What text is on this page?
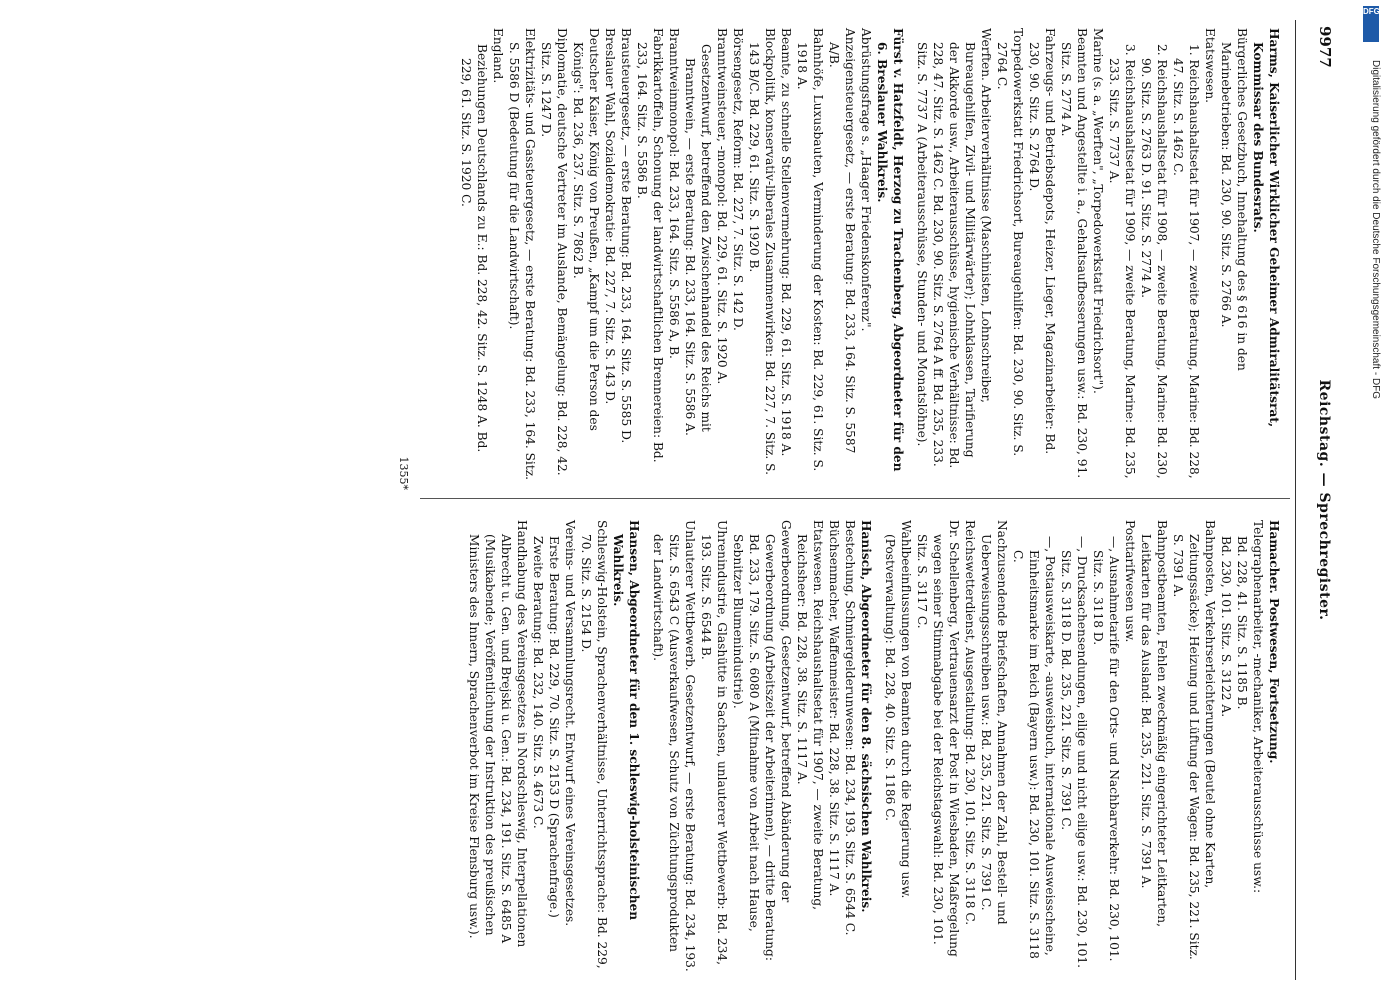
9977
Reichstag. — Sprechregister.

Hamacher. Postwesen, Fortsetzung.

Telegraphenarbeiter, -mechaniker, Arbeiterausschüsse usw.:

Bd. 228, 41. Sitz. S. 1185 B.

Bd. 230, 101. Sitz. S. 3122 A.

Bahnposten, Verkehrserleichterungen (Beutel ohne Karten, Zeitungssäcke); Heizung und Lüftung der Wagen: Bd. 235, 221. Sitz. S. 7391 A.

Bahnpostbeamten, Fehlen zweckmäßig eingerichteter Leitkarten, Leitkarten für das Ausland: Bd. 235, 221. Sitz. S. 7391 A.

Posttarifwesen usw.

—, Ausnahmetarife für den Orts- und Nachbarverkehr: Bd. 230, 101. Sitz. S. 3118 D.

—, Drucksachensendungen, eilige und nicht eilige usw.: Bd. 230, 101. Sitz. S. 3118 D. Bd. 235, 221. Sitz. S. 7391 C.

—, Postausweiskarte, -ausweisbuch, internationale Ausweisscheine, Einheitsmarke im Reich (Bayern usw.): Bd. 230, 101. Sitz. S. 3118 C.

Nachzusendende Briefschaften, Annahmen der Zahl, Bestell- und Ueberweisungsschreiben usw.: Bd. 235, 221. Sitz. S. 7391 C.

Reichswetterdienst, Ausgestaltung: Bd. 230, 101. Sitz. S. 3118 C.

Dr. Schellenberg, Vertrauensarzt der Post in Wiesbaden, Maßregelung wegen seiner Stimmabgabe bei der Reichstagswahl: Bd. 230, 101. Sitz. S. 3117 C.

Wahlbeeinflussungen von Beamten durch die Regierung usw. (Postverwaltung): Bd. 228, 40. Sitz. S. 1186 C.

Hanisch, Abgeordneter für den 8. sächsischen Wahlkreis.

Bestechung, Schmiergelderunwesen: Bd. 234, 193. Sitz. S. 6544 C.

Büchsenmacher, Waffenmeister: Bd. 228, 38. Sitz. S. 1117 A.

Etatswesen. Reichshaushaltsetat für 1907, — zweite Beratung, Reichsheer: Bd. 228, 38. Sitz. S. 1117 A.

Gewerbeordnung, Gesetzentwurf, betreffend Abänderung der Gewerbeordnung (Arbeitszeit der Arbeiterinnen), — dritte Beratung: Bd. 233, 179. Sitz. S. 6080 A (Mitnahme von Arbeit nach Hause, Sebnitzer Blumenindustrie).

Uhrenindustrie, Glashütte in Sachsen, unlauterer Wettbewerb: Bd. 234, 193. Sitz. S. 6544 B.

Unlauterer Wettbewerb. Gesetzentwurf, — erste Beratung: Bd. 234, 193. Sitz. S. 6543 C (Ausverkaufwesen, Schutz von Züchtungsprodukten der Landwirtschaft).

Hansen, Abgeordneter für den 1. schleswig-holsteinischen Wahlkreis.

Schleswig-Holstein, Sprachenverhältnisse, Unterrichtssprache: Bd. 229, 70. Sitz. S. 2154 D.

Vereins- und Versammlungsrecht. Entwurf eines Vereinsgesetzes.

Erste Beratung: Bd. 229, 70. Sitz. S. 2153 D (Sprachenfrage.)

Zweite Beratung: Bd. 232, 140. Sitz. S. 4673 C.

Handhabung des Vereinsgesetzes in Nordschleswig, Interpellationen Albrecht u. Gen. und Brejski u. Gen.: Bd. 234, 191. Sitz. S. 6485 A (Musikabende; Veröffentlichung der Instruktion des preußischen Ministers des Innern, Sprachenverbot im Kreise Flensburg usw.).

Harms, Kaiserlicher Wirklicher Geheimer Admiralitätsrat, Kommissar des Bundesrats.

Bürgerliches Gesetzbuch, Innehaltung des § 616 in den Marinebetrieben: Bd. 230, 90. Sitz. S. 2766 A.

Etatswesen.

1. Reichshaushaltsetat für 1907, — zweite Beratung, Marine: Bd. 228, 47. Sitz. S. 1462 C.

2. Reichshaushaltsetat für 1908, — zweite Beratung, Marine: Bd. 230, 90. Sitz. S. 2763 D. 91. Sitz. S. 2774 A.

3. Reichshaushaltsetat für 1909, — zweite Beratung, Marine: Bd. 235, 233. Sitz. S. 7737 A.

Marine (s. a. „Werften", „Torpedowerkstatt Friedrichsort").

Beamten und Angestellte i. a., Gehaltsaufbesserungen usw.: Bd. 230, 91. Sitz. S. 2774 A.

Fahrzeugs- und Betriebsdepots, Heizer, Lieger, Magazinarbeiter: Bd. 230, 90. Sitz. S. 2764 D.

Torpedowerkstatt Friedrichsort, Bureaugehilfen: Bd. 230, 90. Sitz. S. 2764 C.

Werften. Arbeiterverhältnisse (Maschinisten, Lohnschreiber, Bureaugehilfen, Zivil- und Militärwärter); Lohnklassen, Tarifierung der Akkorde usw., Arbeiterausschüsse, hygienische Verhältnisse: Bd. 228, 47. Sitz. S. 1462 C. Bd. 230, 90. Sitz. S. 2764 A ff. Bd. 235, 233. Sitz. S. 7737 A (Arbeiterausschüsse, Stunden- und Monatslöhne).

Fürst v. Hatzfeldt, Herzog zu Trachenberg, Abgeordneter für den 6. Breslauer Wahlkreis.

Abrüstungsfrage s. „Haager Friedenskonferenz".

Anzeigensteuergesetz, — erste Beratung: Bd. 233, 164. Sitz. S. 5587 A/B.

Bahnhöfe, Luxusbauten, Verminderung der Kosten: Bd. 229, 61. Sitz. S. 1918 A.

Beamte, zu schnelle Stellenvermehrung: Bd. 229, 61. Sitz. S. 1918 A.

Blockpolitik, konservativ-liberales Zusammenwirken: Bd. 227, 7. Sitz. S. 143 B/C. Bd. 229, 61. Sitz. S. 1920 B.

Börsengesetz, Reform: Bd. 227, 7. Sitz. S. 142 D.

Branntweinsteuer, -monopol: Bd. 229, 61. Sitz. S. 1920 A.

Gesetzentwurf, betreffend den Zwischenhandel des Reichs mit Branntwein, — erste Beratung: Bd. 233, 164. Sitz. S. 5586 A.

Branntweinmonopol: Bd. 233, 164. Sitz. S. 5586 A, B.

Fabrikkartoffeln, Schonung der landwirtschaftlichen Brennereien: Bd. 233, 164. Sitz. S. 5586 B.

Brausteuergesetz, — erste Beratung: Bd. 233, 164. Sitz. S. 5585 D.

Breslauer Wahl, Sozialdemokratie: Bd. 227, 7. Sitz. S. 143 D.

Deutscher Kaiser, König von Preußen, „Kampf um die Person des Königs": Bd. 236, 237. Sitz. S. 7862 B.

Diplomatie, deutsche Vertreter im Auslande, Bemängelung: Bd. 228, 42. Sitz. S. 1247 D.

Elektrizitäts- und Gassteuergesetz, — erste Beratung: Bd. 233, 164. Sitz. S. 5586 D (Bedeutung für die Landwirtschaft).

England.

Beziehungen Deutschlands zu E.: Bd. 228, 42. Sitz. S. 1248 A. Bd. 229, 61. Sitz. S. 1920 C.

1355*
DFG
Digitalisierung gefördert durch die Deutsche Forschungsgemeinschaft - DFG
